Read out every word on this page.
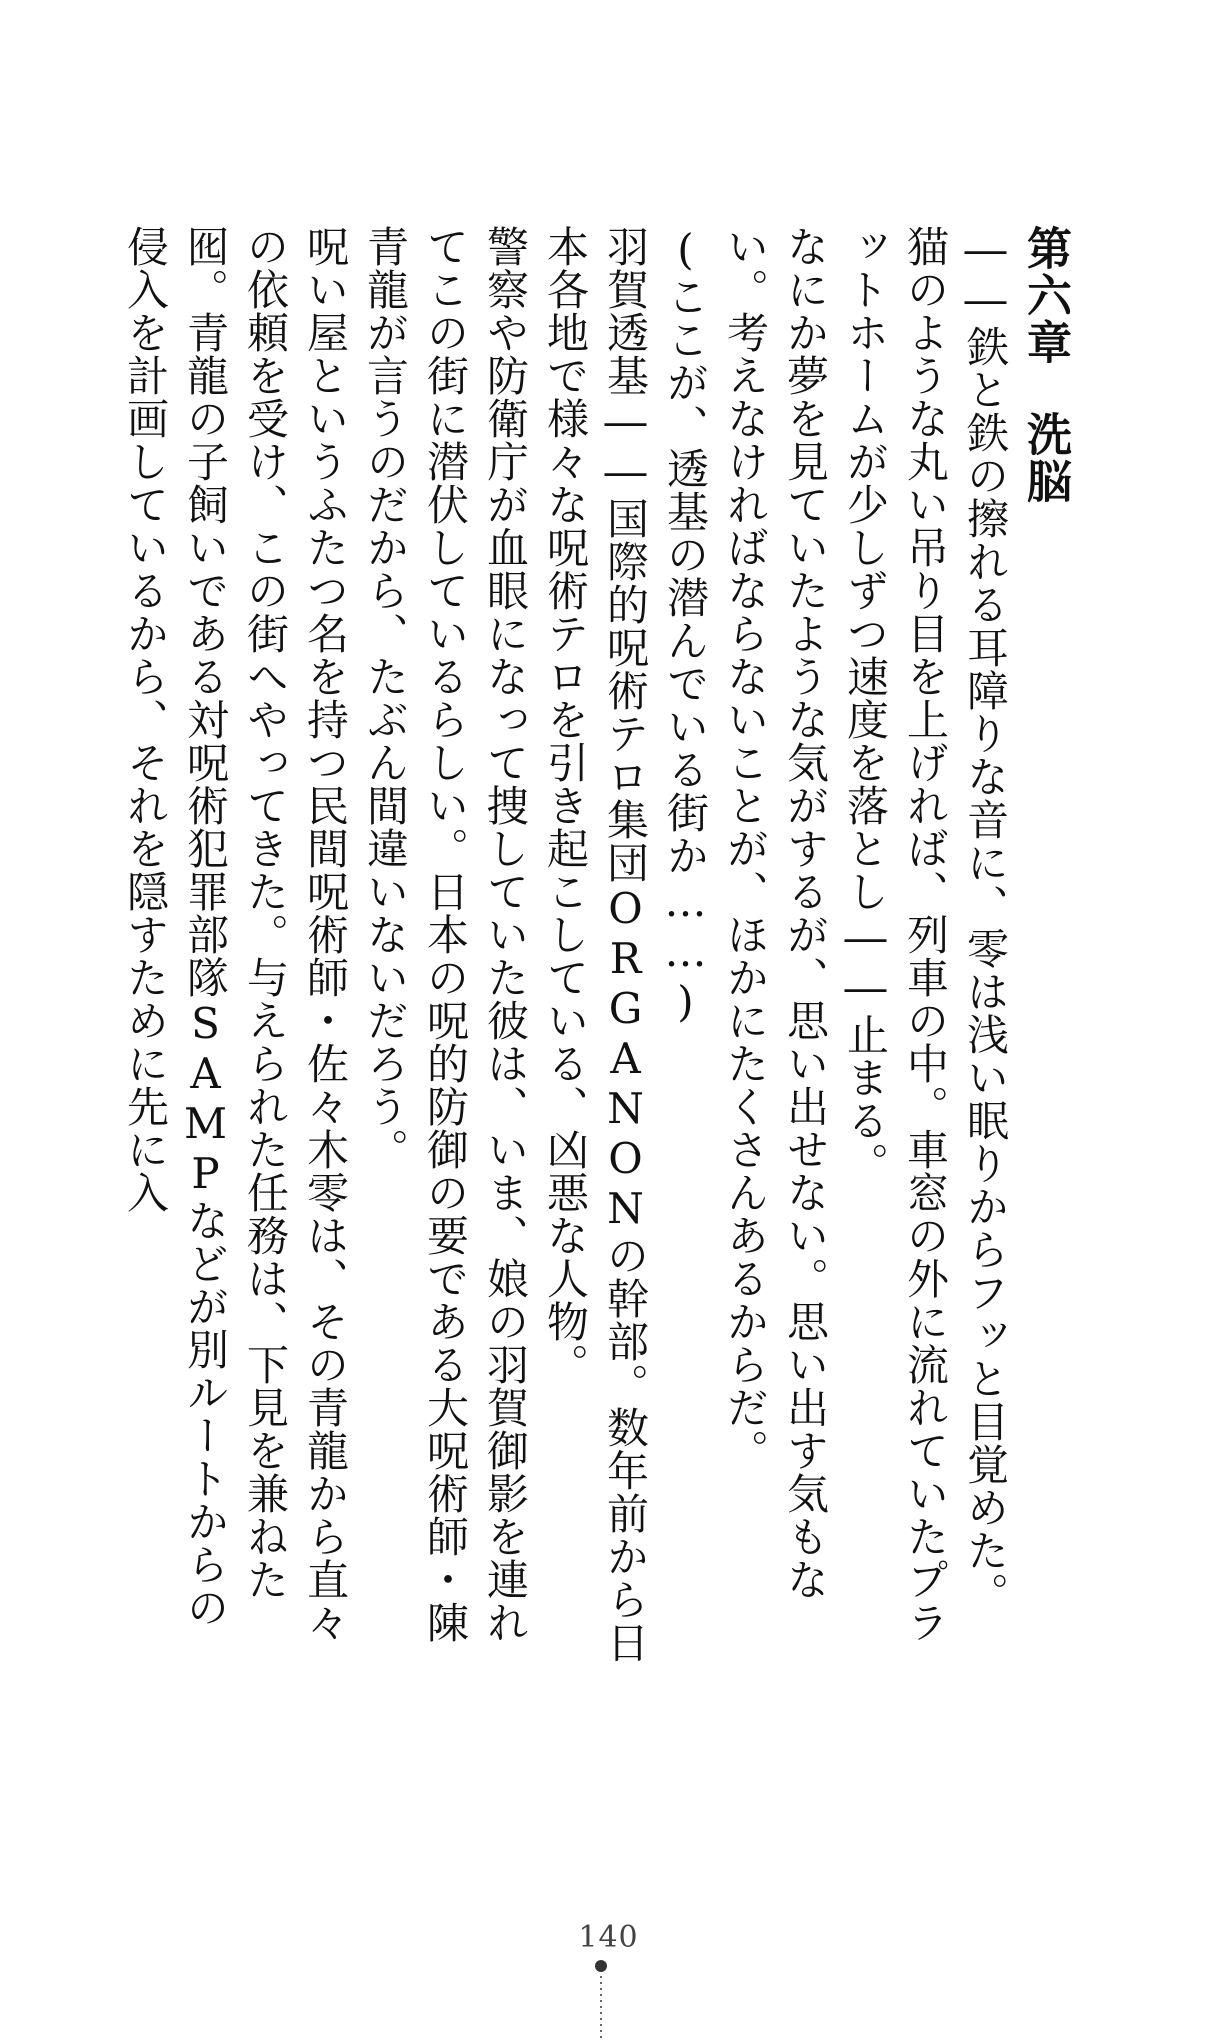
第六章洗脳

――鉄と鉄の擦れる耳障りな音に、零は浅い眠りからフッと目覚めた。

猫のような丸い吊り目を上げれば、列車の中。車窓の外に流れていたプラットホームが少しずつ速度を落とし――止まる。

なにか夢を見ていたような気がするが、思い出せない。思い出す気もない。考えなければならないことが、ほかにたくさんあるからだ。

(ここが、透基の潜んでいる街か……)

羽賀透基――国際的呪術テロ集団ORGANONの幹部。数年前から日本各地で様々な呪術テロを引き起こしている、凶悪な人物。

警察や防衛庁が血眼になって捜していた彼は、いま、娘の羽賀御影を連れてこの街に潜伏しているらしい。日本の呪的防御の要である大呪術師・陳青龍が言うのだから、たぶん間違いないだろう。

呪い屋というふたつ名を持つ民間呪術師・佐々木零は、その青龍から直々の依頼を受け、この街へやってきた。与えられた任務は、下見を兼ねた囮。青龍の子飼いである対呪術犯罪部隊SAMPなどが別ルートからの侵入を計画しているから、それを隠すために先に入

140
